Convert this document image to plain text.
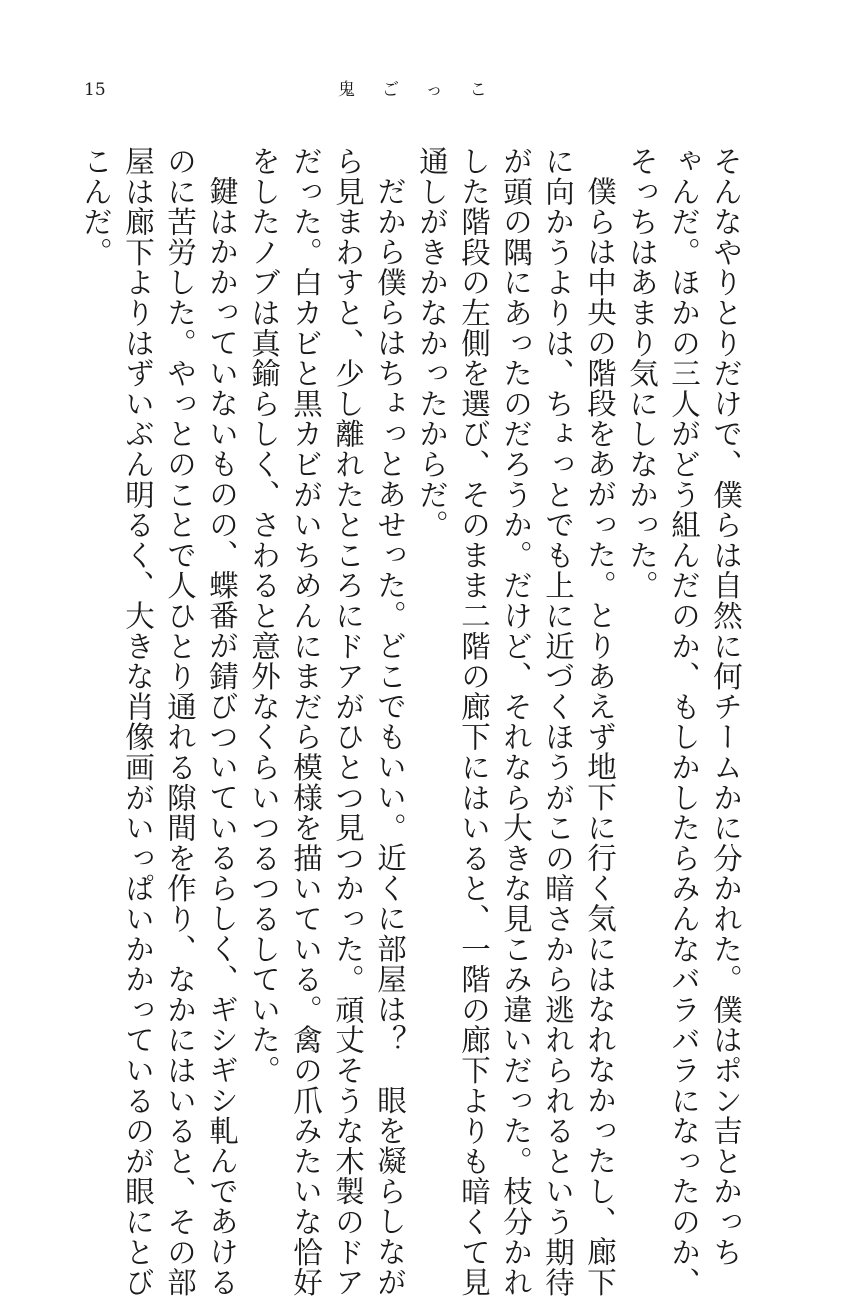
15	鬼ごっこ

そんなやりとりだけで、僕らは自然に何チームかに分かれた。僕はポン吉とかっち

ゃんだ。ほかの三人がどう組んだのか、もしかしたらみんなバラバラになったのか、

そっちはあまり気にしなかった。

僕らは中央の階段をあがった。とりあえず地下に行く気にはなれなかったし、廊下

に向かうよりは、ちょっとでも上に近づくほうがこの暗さから逃れられるという期待

が頭の隅にあったのだろうか。だけど、それなら大きな見こみ違いだった。枝分かれ

した階段の左側を選び、そのまま二階の廊下にはいると、一階の廊下よりも暗くて見

通しがきかなかったからだ。

だから僕らはちょっとあせった。どこでもいい。近くに部屋は？　眼を凝らしなが

ら見まわすと、少し離れたところにドアがひとつ見つかった。頑丈そうな木製のドア

だった。白カビと黒カビがいちめんにまだら模様を描いている。禽の爪みたいな恰好

をしたノブは真鍮らしく、さわると意外なくらいつるつるしていた。

鍵はかかっていないものの、蝶番が錆びついているらしく、ギシギシ軋んであける

のに苦労した。やっとのことで人ひとり通れる隙間を作り、なかにはいると、その部

屋は廊下よりはずいぶん明るく、大きな肖像画がいっぱいかかっているのが眼にとび

こんだ。
